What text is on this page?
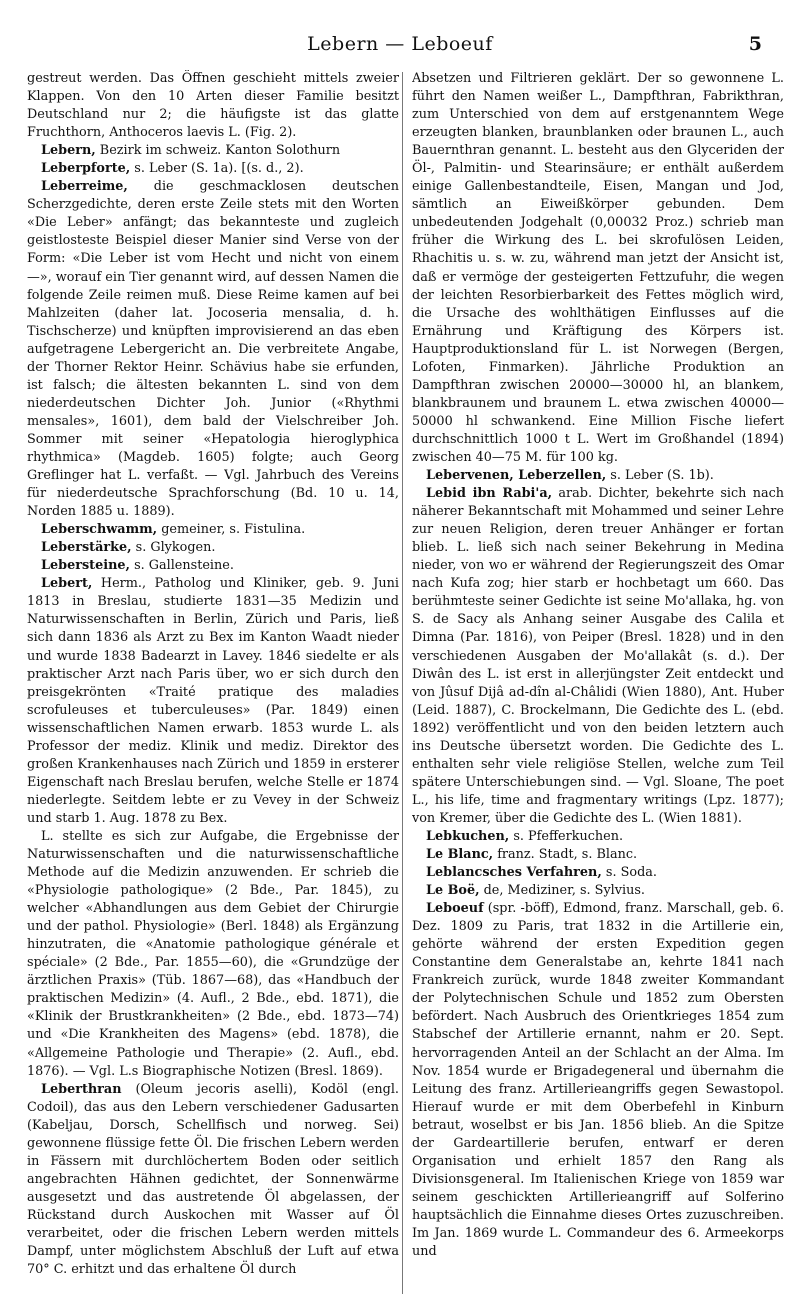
Lebern — Leboeuf	5

gestreut werden. Das Öffnen geschieht mittels zweier Klappen. Von den 10 Arten dieser Familie besitzt Deutschland nur 2; die häufigste ist das glatte Fruchthorn, Anthoceros laevis L. (Fig. 2).

Lebern, Bezirk im schweiz. Kanton Solothurn

Leberpforte, s. Leber (S. 1a). [(s. d., 2).

Leberreime, die geschmacklosen deutschen Scherzgedichte, deren erste Zeile stets mit den Worten «Die Leber» anfängt; das bekannteste und zugleich geistlosteste Beispiel dieser Manier sind Verse von der Form: «Die Leber ist vom Hecht und nicht von einem —», worauf ein Tier genannt wird, auf dessen Namen die folgende Zeile reimen muß. Diese Reime kamen auf bei Mahlzeiten (daher lat. Jocoseria mensalia, d. h. Tischscherze) und knüpften improvisierend an das eben aufgetragene Lebergericht an. Die verbreitete Angabe, der Thorner Rektor Heinr. Schävius habe sie erfunden, ist falsch; die ältesten bekannten L. sind von dem niederdeutschen Dichter Joh. Junior («Rhythmi mensales», 1601), dem bald der Vielschreiber Joh. Sommer mit seiner «Hepatologia hieroglyphica rhythmica» (Magdeb. 1605) folgte; auch Georg Greflinger hat L. verfaßt. — Vgl. Jahrbuch des Vereins für niederdeutsche Sprachforschung (Bd. 10 u. 14, Norden 1885 u. 1889).

Leberschwamm, gemeiner, s. Fistulina.

Leberstärke, s. Glykogen.

Lebersteine, s. Gallensteine.

Lebert, Herm., Patholog und Kliniker, geb. 9. Juni 1813 in Breslau, studierte 1831—35 Medizin und Naturwissenschaften in Berlin, Zürich und Paris, ließ sich dann 1836 als Arzt zu Bex im Kanton Waadt nieder und wurde 1838 Badearzt in Lavey. 1846 siedelte er als praktischer Arzt nach Paris über, wo er sich durch den preisgekrönten «Traité pratique des maladies scrofuleuses et tuberculeuses» (Par. 1849) einen wissenschaftlichen Namen erwarb. 1853 wurde L. als Professor der mediz. Klinik und mediz. Direktor des großen Krankenhauses nach Zürich und 1859 in ersterer Eigenschaft nach Breslau berufen, welche Stelle er 1874 niederlegte. Seitdem lebte er zu Vevey in der Schweiz und starb 1. Aug. 1878 zu Bex.

L. stellte es sich zur Aufgabe, die Ergebnisse der Naturwissenschaften und die naturwissenschaftliche Methode auf die Medizin anzuwenden. Er schrieb die «Physiologie pathologique» (2 Bde., Par. 1845), zu welcher «Abhandlungen aus dem Gebiet der Chirurgie und der pathol. Physiologie» (Berl. 1848) als Ergänzung hinzutraten, die «Anatomie pathologique générale et spéciale» (2 Bde., Par. 1855—60), die «Grundzüge der ärztlichen Praxis» (Tüb. 1867—68), das «Handbuch der praktischen Medizin» (4. Aufl., 2 Bde., ebd. 1871), die «Klinik der Brustkrankheiten» (2 Bde., ebd. 1873—74) und «Die Krankheiten des Magens» (ebd. 1878), die «Allgemeine Pathologie und Therapie» (2. Aufl., ebd. 1876). — Vgl. L.s Biographische Notizen (Bresl. 1869).

Leberthran (Oleum jecoris aselli), Kodöl (engl. Codoil), das aus den Lebern verschiedener Gadusarten (Kabeljau, Dorsch, Schellfisch und norweg. Sei) gewonnene flüssige fette Öl. Die frischen Lebern werden in Fässern mit durchlöchertem Boden oder seitlich angebrachten Hähnen gedichtet, der Sonnenwärme ausgesetzt und das austretende Öl abgelassen, der Rückstand durch Auskochen mit Wasser auf Öl verarbeitet, oder die frischen Lebern werden mittels Dampf, unter möglichstem Abschluß der Luft auf etwa 70° C. erhitzt und das erhaltene Öl durch

Absetzen und Filtrieren geklärt. Der so gewonnene L. führt den Namen weißer L., Dampfthran, Fabrikthran, zum Unterschied von dem auf erstgenanntem Wege erzeugten blanken, braunblanken oder braunen L., auch Bauernthran genannt. L. besteht aus den Glyceriden der Öl-, Palmitin- und Stearinsäure; er enthält außerdem einige Gallenbestandteile, Eisen, Mangan und Jod, sämtlich an Eiweißkörper gebunden. Dem unbedeutenden Jodgehalt (0,00032 Proz.) schrieb man früher die Wirkung des L. bei skrofulösen Leiden, Rhachitis u. s. w. zu, während man jetzt der Ansicht ist, daß er vermöge der gesteigerten Fettzufuhr, die wegen der leichten Resorbierbarkeit des Fettes möglich wird, die Ursache des wohlthätigen Einflusses auf die Ernährung und Kräftigung des Körpers ist. Hauptproduktionsland für L. ist Norwegen (Bergen, Lofoten, Finmarken). Jährliche Produktion an Dampfthran zwischen 20000—30000 hl, an blankem, blankbraunem und braunem L. etwa zwischen 40000—50000 hl schwankend. Eine Million Fische liefert durchschnittlich 1000 t L. Wert im Großhandel (1894) zwischen 40—75 M. für 100 kg.

Lebervenen, Leberzellen, s. Leber (S. 1b).

Lebid ibn Rabi'a, arab. Dichter, bekehrte sich nach näherer Bekanntschaft mit Mohammed und seiner Lehre zur neuen Religion, deren treuer Anhänger er fortan blieb. L. ließ sich nach seiner Bekehrung in Medina nieder, von wo er während der Regierungszeit des Omar nach Kufa zog; hier starb er hochbetagt um 660. Das berühmteste seiner Gedichte ist seine Mo'allaka, hg. von S. de Sacy als Anhang seiner Ausgabe des Calila et Dimna (Par. 1816), von Peiper (Bresl. 1828) und in den verschiedenen Ausgaben der Mo'allakât (s. d.). Der Diwân des L. ist erst in allerjüngster Zeit entdeckt und von Jûsuf Dijâ ad-dîn al-Châlidi (Wien 1880), Ant. Huber (Leid. 1887), C. Brockelmann, Die Gedichte des L. (ebd. 1892) veröffentlicht und von den beiden letztern auch ins Deutsche übersetzt worden. Die Gedichte des L. enthalten sehr viele religiöse Stellen, welche zum Teil spätere Unterschiebungen sind. — Vgl. Sloane, The poet L., his life, time and fragmentary writings (Lpz. 1877); von Kremer, über die Gedichte des L. (Wien 1881).

Lebkuchen, s. Pfefferkuchen.

Le Blanc, franz. Stadt, s. Blanc.

Leblancsches Verfahren, s. Soda.

Le Boë, de, Mediziner, s. Sylvius.

Leboeuf (spr. -böff), Edmond, franz. Marschall, geb. 6. Dez. 1809 zu Paris, trat 1832 in die Artillerie ein, gehörte während der ersten Expedition gegen Constantine dem Generalstabe an, kehrte 1841 nach Frankreich zurück, wurde 1848 zweiter Kommandant der Polytechnischen Schule und 1852 zum Obersten befördert. Nach Ausbruch des Orientkrieges 1854 zum Stabschef der Artillerie ernannt, nahm er 20. Sept. hervorragenden Anteil an der Schlacht an der Alma. Im Nov. 1854 wurde er Brigadegeneral und übernahm die Leitung des franz. Artillerieangriffs gegen Sewastopol. Hierauf wurde er mit dem Oberbefehl in Kinburn betraut, woselbst er bis Jan. 1856 blieb. An die Spitze der Gardeartillerie berufen, entwarf er deren Organisation und erhielt 1857 den Rang als Divisionsgeneral. Im Italienischen Kriege von 1859 war seinem geschickten Artillerieangriff auf Solferino hauptsächlich die Einnahme dieses Ortes zuzuschreiben. Im Jan. 1869 wurde L. Commandeur des 6. Armeekorps und
